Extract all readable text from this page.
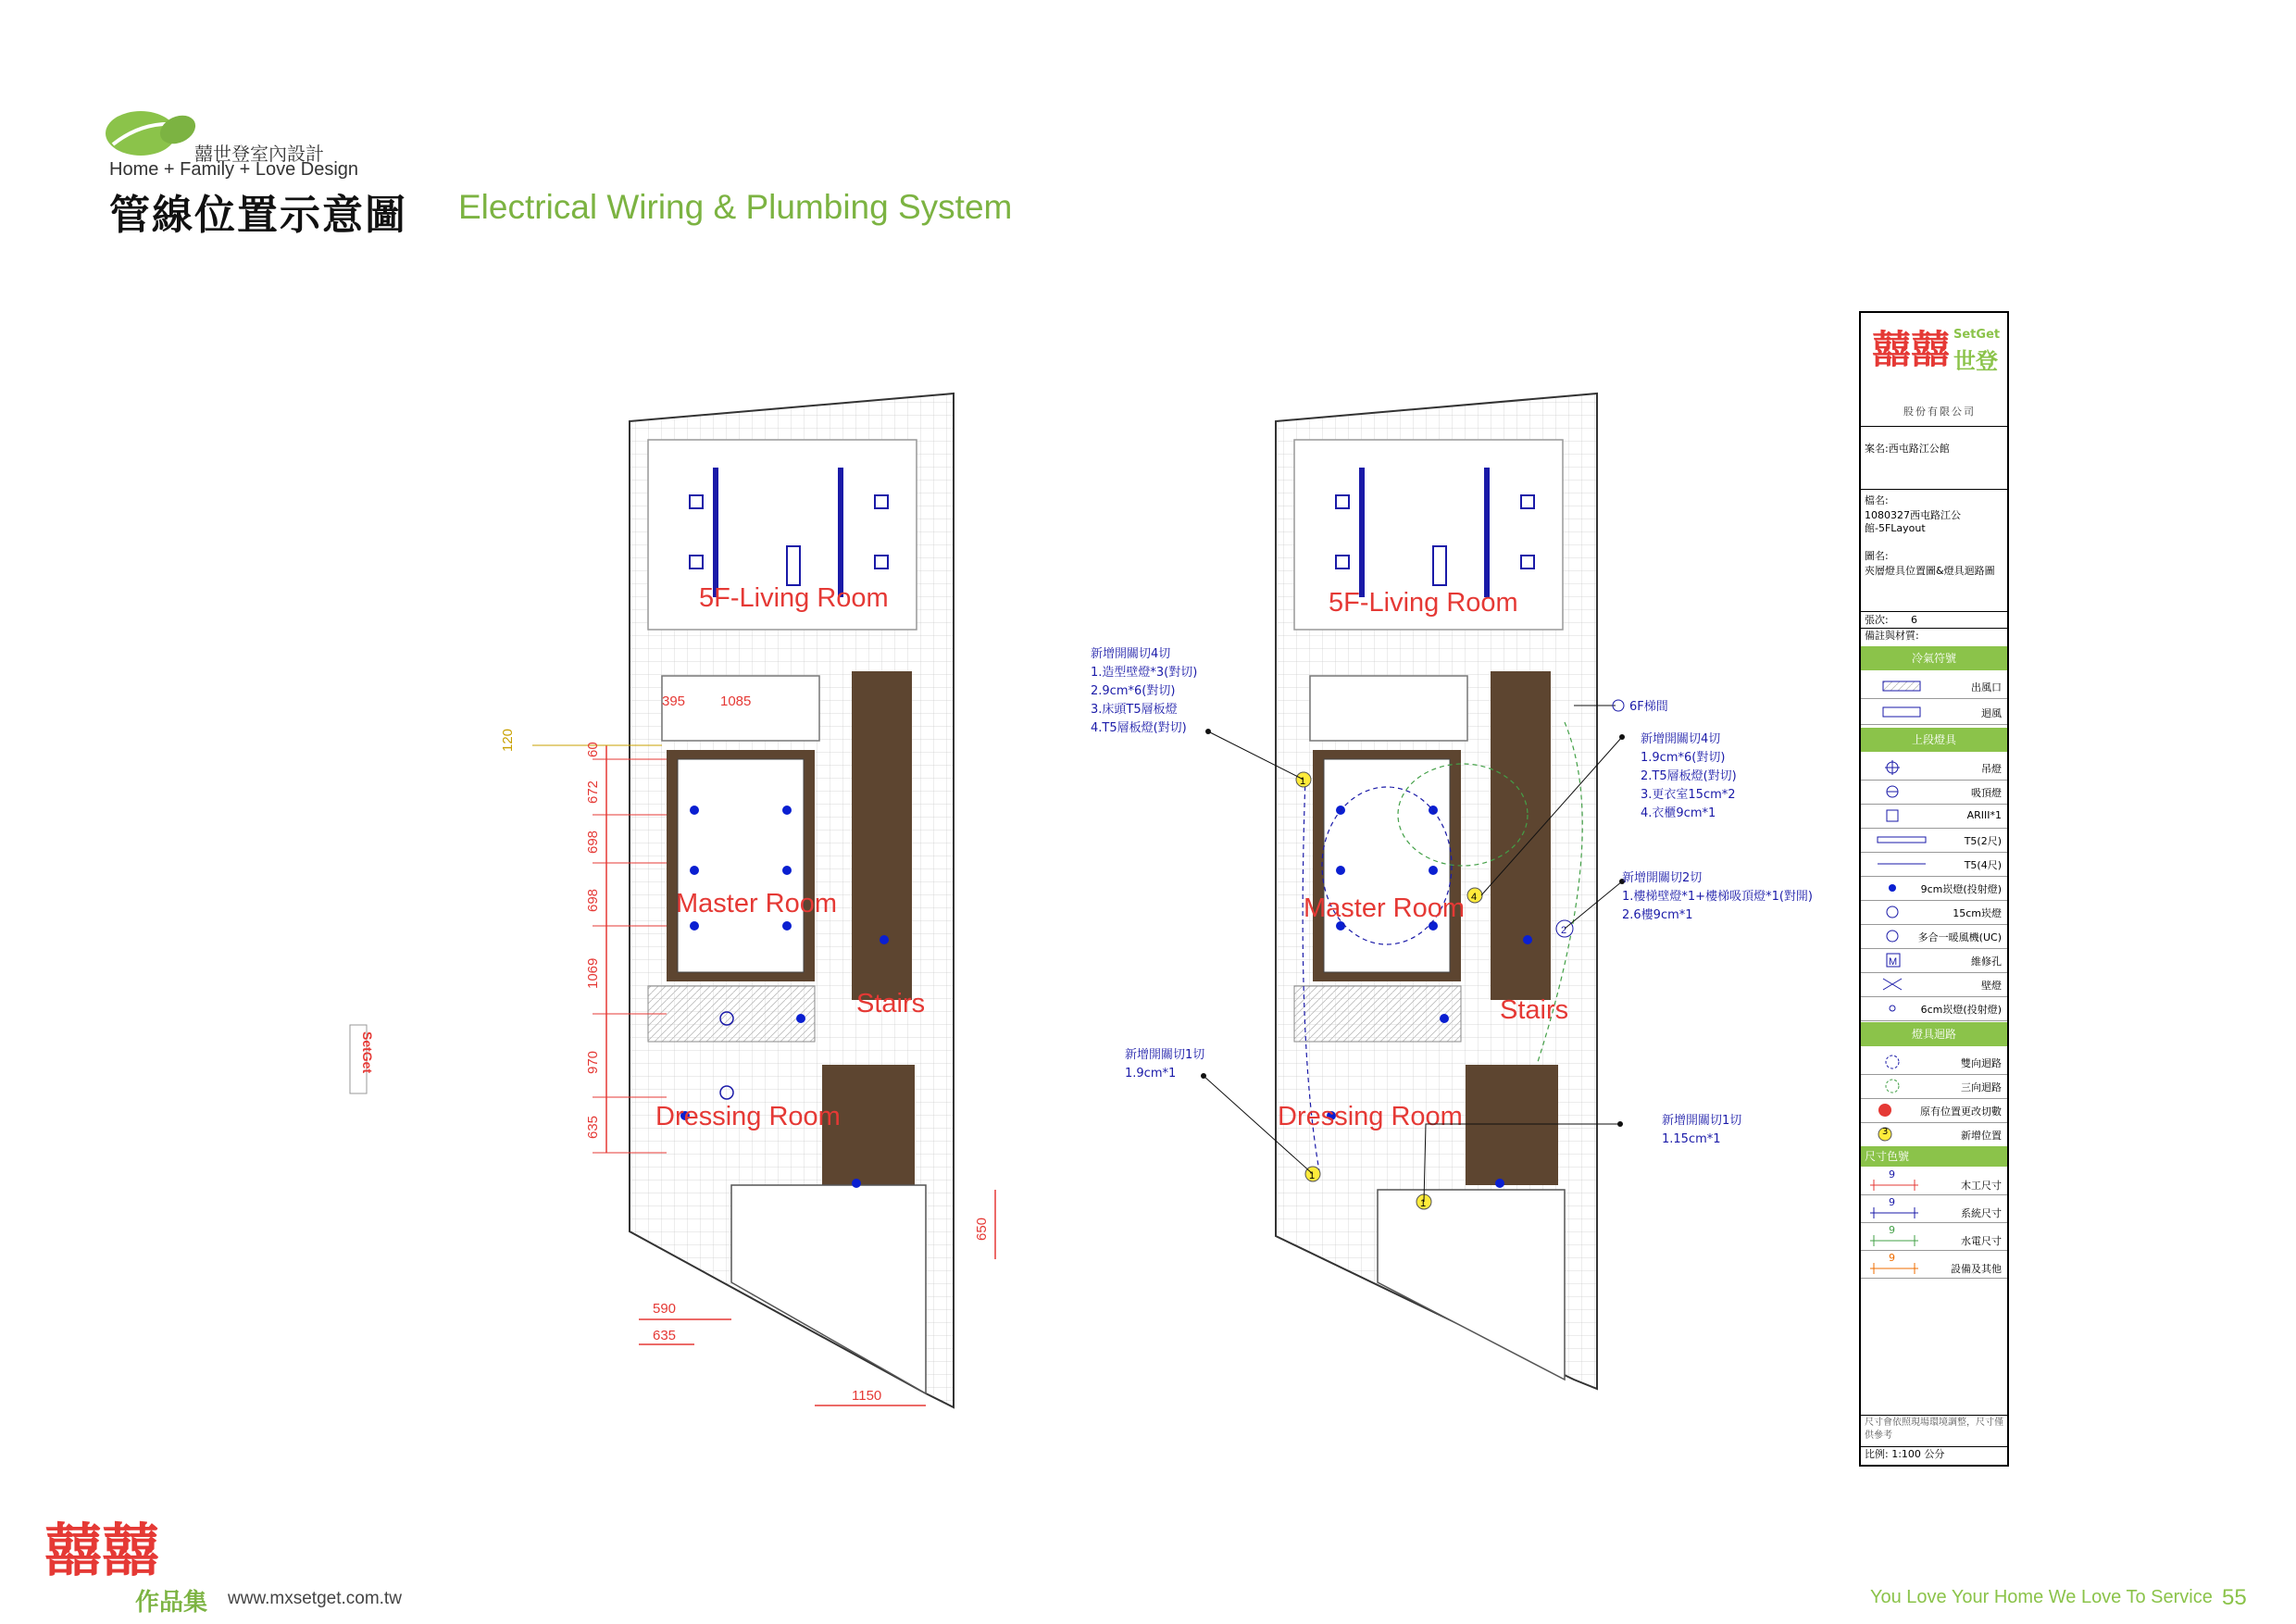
囍世登室內設計
Home + Family + Love Design
管線位置示意圖 Electrical Wiring & Plumbing System
5F-Living Room
Master Room
Stairs
Dressing Room
60
672
698
698
1069
970
635
120
395	1085
650
590
635
1150
SetGet
5F-Living Room
Master Room
Stairs
Dressing Room
1
4
2
1
1
6F梯間
新增開關切4切
1.造型壁燈*3(對切)
2.9cm*6(對切)
3.床頭T5層板燈
4.T5層板燈(對切)
新增開關切4切
1.9cm*6(對切)
2.T5層板燈(對切)
3.更衣室15cm*2
4.衣櫃9cm*1
新增開關切2切
1.樓梯壁燈*1+樓梯吸頂燈*1(對開)
2.6樓9cm*1
新增開關切1切
1.9cm*1
新增開關切1切
1.15cm*1
囍囍 SetGet
世登
股份有限公司
案名:西屯路江公館
檔名:
1080327西屯路江公館-5FLayout
圖名:
夾層燈具位置圖&燈具迴路圖
張次:	6
備註與材質:
冷氣符號
出風口
迴風
上段燈具
吊燈
吸頂燈
ARIII*1
T5(2尺)
T5(4尺)
9cm崁燈(投射燈)
15cm崁燈
多合一暖風機(UC)
M	維修孔
壁燈
6cm崁燈(投射燈)
燈具迴路
雙向迴路
三向迴路
原有位置更改切數
3	新增位置
尺寸色號
9
木工尺寸
9
系統尺寸
9
水電尺寸
9
設備及其他
尺寸會依照現場環境調整，尺寸僅供參考
比例: 1:100 公分
囍囍
作品集 www.mxsetget.com.tw	You Love Your Home We Love To Service 55
